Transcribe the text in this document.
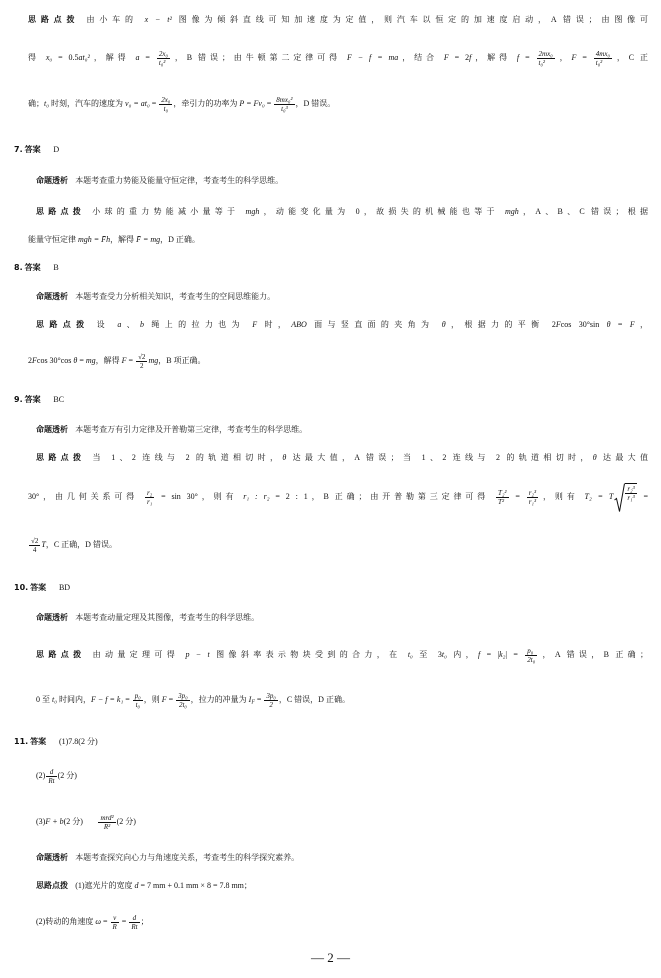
思路点拨 由小车的 x − t² 图像为倾斜直线可知加速度为定值，则汽车以恒定的加速度启动，A 错误；由图像可
得 x₀ = 0.5at₀²，解得 $a = \frac{\text{2x₀}}{\text{t₀²}}$ ，B 错误；由牛顿第二定律可得 F − f = ma，结合 F = 2f，解得 $f = \frac{\text{2mx₀}}{\text{t₀²}}$ ，$F = \frac{\text{4mx₀}}{\text{t₀²}}$ ，C 正
确；t₀ 时刻，汽车的速度为 $v_0 = at_0 = \frac{\text{2x₀}}{\text{t₀}}$ ，牵引力的功率为 $P = Fv_0 = \frac{\text{8mx₀²}}{\text{t₀³}}$ ，D 错误。
7. 答案 D
命题透析 本题考查重力势能及能量守恒定律，考查考生的科学思维。
思路点拨 小球的重力势能减小量等于 mgh，动能变化量为 0，故损失的机械能也等于 mgh，A、B、C 错误；根据
能量守恒定律 mgh = F̄h，解得 F̄ = mg，D 正确。
8. 答案 B
命题透析 本题考查受力分析相关知识，考查考生的空间思维能力。
思路点拨 设 a、b 绳上的拉力也为 F 时，ABO 面与竖直面的夹角为 θ，根据力的平衡 2Fcos 30°sin θ = F，
2Fcos 30°cos θ = mg，解得 $F = \frac{√2}{2}$ mg，B 项正确。
9. 答案 BC
命题透析 本题考查万有引力定律及开普勒第三定律，考查考生的科学思维。
思路点拨 当 1、2 连线与 2 的轨道相切时，θ 达最大值，A 错误；当 1、2 连线与 2 的轨道相切时，θ 达最大值
30°，由几何关系可得 $\frac{\text{r₂}}{\text{r₁}} = \sin 30^\circ$，则有 r₁ : r₂ = 2 : 1，B 正确；由开普勒第三定律可得 $\frac{\text{T₂²}}{\text{T²}} = \frac{\text{r₂³}}{\text{r₁³}}$ ，则有 T₂ = T $\frac{\text{r₂³}}{\text{r₁³}}$ =
$\frac{√2}{4}$ T，C 正确，D 错误。
10. 答案 BD
命题透析 本题考查动量定理及其图像，考查考生的科学思维。
思路点拨 由动量定理可得 p − t 图像斜率表示物块受到的合力，在 t₀ 至 3t₀ 内，$f = |k_2| = \frac{\text{p₀}}{\text{2t₀}}$ ，A 错误，B 正确；
0 至 t₀ 时间内，$F - f = k_1 = \frac{\text{p₀}}{\text{t₀}}$ ，则 $F = \frac{\text{3p₀}}{\text{2t₀}}$ ，拉力的冲量为 $I_F = \frac{\text{3p₀}}{2}$ ，C 错误，D 正确。
11. 答案 (1)7.8(2 分)
$(2) \frac{d}{Rt} (2$ 分)
(3)F + b(2 分) mrd²
R²
(2 分)
命题透析 本题考查探究向心力与角速度关系，考查考生的科学探究素养。
思路点拨 (1)遮光片的宽度 d = 7 mm + 0.1 mm × 8 = 7.8 mm；
(2)转动的角速度 $\omega = \frac{v}{R} = \frac{d}{Rt}$ ；
— 2 —
